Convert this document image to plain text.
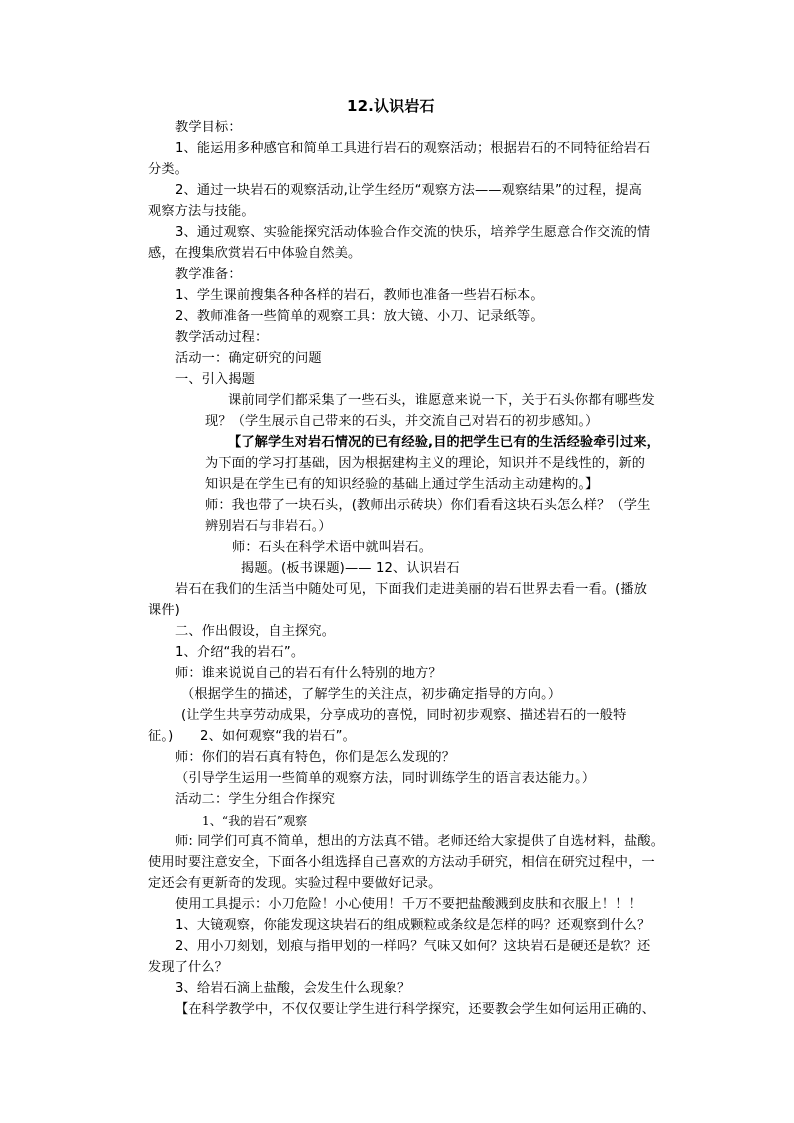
12.认识岩石
教学目标：
1、能运用多种感官和简单工具进行岩石的观察活动；根据岩石的不同特征给岩石
分类。
2、通过一块岩石的观察活动,让学生经历“观察方法——观察结果”的过程，提高
观察方法与技能。
3、通过观察、实验能探究活动体验合作交流的快乐，培养学生愿意合作交流的情
感，在搜集欣赏岩石中体验自然美。
教学准备：
1、学生课前搜集各种各样的岩石，教师也准备一些岩石标本。
2、教师准备一些简单的观察工具：放大镜、小刀、记录纸等。
教学活动过程：
活动一：确定研究的问题
一、引入揭题
课前同学们都采集了一些石头，谁愿意来说一下，关于石头你都有哪些发
现？（学生展示自己带来的石头，并交流自己对岩石的初步感知。）
【了解学生对岩石情况的已有经验,目的把学生已有的生活经验牵引过来，
为下面的学习打基础，因为根据建构主义的理论，知识并不是线性的，新的
知识是在学生已有的知识经验的基础上通过学生活动主动建构的。】
师：我也带了一块石头，(教师出示砖块）你们看看这块石头怎么样？（学生
辨别岩石与非岩石。）
师：石头在科学术语中就叫岩石。
揭题。(板书课题)—— 12、认识岩石
岩石在我们的生活当中随处可见，下面我们走进美丽的岩石世界去看一看。(播放
课件)
二、作出假设，自主探究。
1、介绍“我的岩石”。
师：谁来说说自己的岩石有什么特别的地方？
（根据学生的描述，了解学生的关注点，初步确定指导的方向。）
(让学生共享劳动成果，分享成功的喜悦，同时初步观察、描述岩石的一般特
征。)　　2、如何观察“我的岩石”。
师：你们的岩石真有特色，你们是怎么发现的？
（引导学生运用一些简单的观察方法，同时训练学生的语言表达能力。）
活动二：学生分组合作探究
1、“我的岩石”观察
师: 同学们可真不简单，想出的方法真不错。老师还给大家提供了自选材料，盐酸。
使用时要注意安全，下面各小组选择自己喜欢的方法动手研究，相信在研究过程中，一
定还会有更新奇的发现。实验过程中要做好记录。
使用工具提示：小刀危险！小心使用！千万不要把盐酸溅到皮肤和衣服上！！！
1、大镜观察，你能发现这块岩石的组成颗粒或条纹是怎样的吗？还观察到什么？
2、用小刀刻划，划痕与指甲划的一样吗？气味又如何？这块岩石是硬还是软？还
发现了什么？
3、给岩石滴上盐酸，会发生什么现象？
【在科学教学中，不仅仅要让学生进行科学探究，还要教会学生如何运用正确的、
